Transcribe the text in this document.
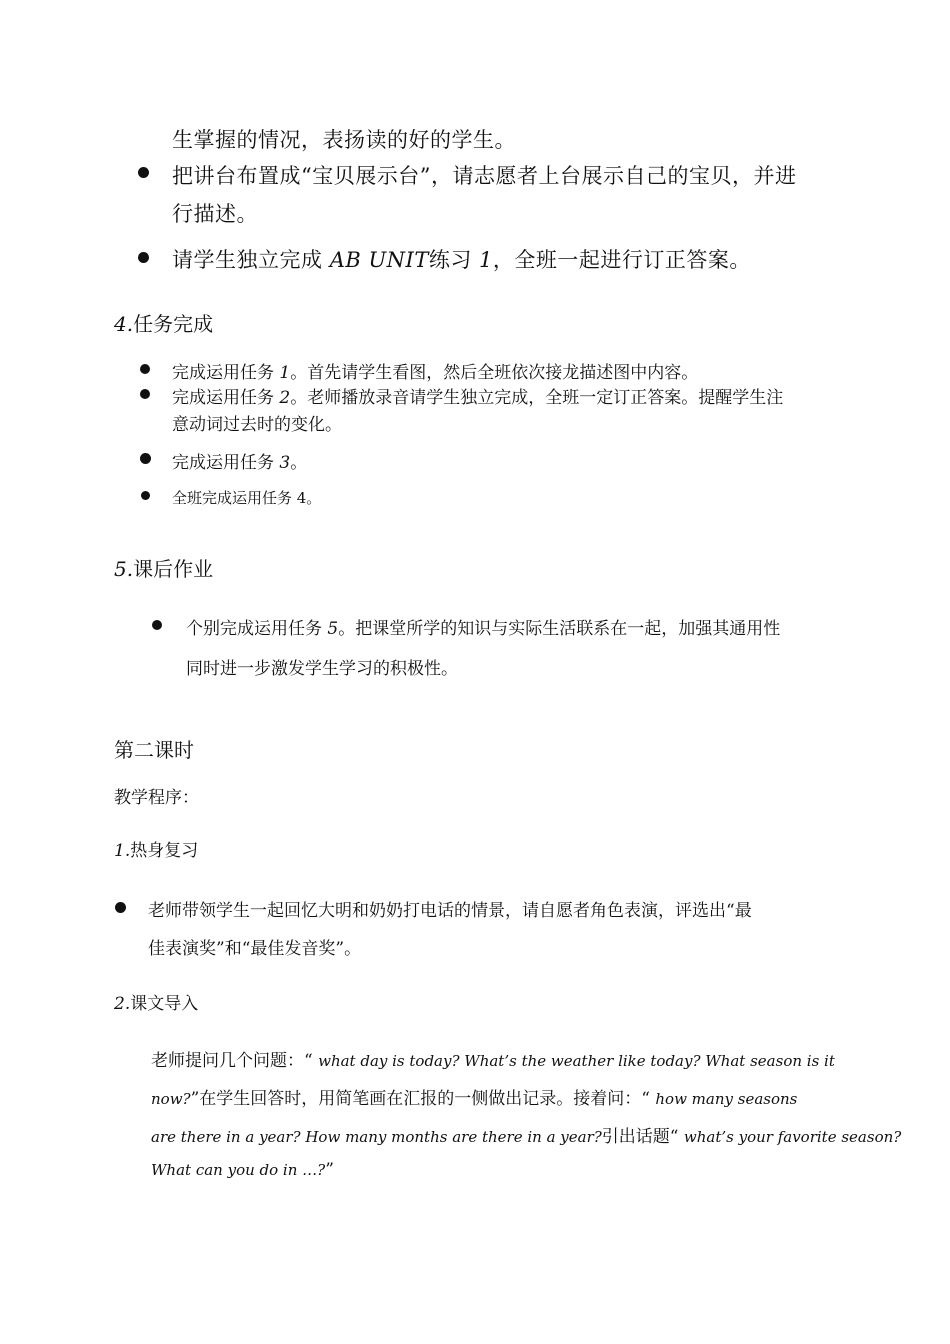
生掌握的情况，表扬读的好的学生。
把讲台布置成“宝贝展示台”，请志愿者上台展示自己的宝贝，并进
行描述。
请学生独立完成 AB UNIT练习 1，全班一起进行订正答案。
4.任务完成
完成运用任务 1。首先请学生看图，然后全班依次接龙描述图中内容。
完成运用任务 2。老师播放录音请学生独立完成，全班一定订正答案。提醒学生注
意动词过去时的变化。
完成运用任务 3。
全班完成运用任务 4。
5.课后作业
个别完成运用任务 5。把课堂所学的知识与实际生活联系在一起，加强其通用性
同时进一步激发学生学习的积极性。
第二课时
教学程序：
1.热身复习
老师带领学生一起回忆大明和奶奶打电话的情景，请自愿者角色表演，评选出“最
佳表演奖”和“最佳发音奖”。
2.课文导入
老师提问几个问题：“ what day is today? What’s the weather like today? What season is it
now?”在学生回答时，用简笔画在汇报的一侧做出记录。接着问：“ how many seasons
are there in a year? How many months are there in a year?引出话题“ what’s your favorite season?
What can you do in …?”
